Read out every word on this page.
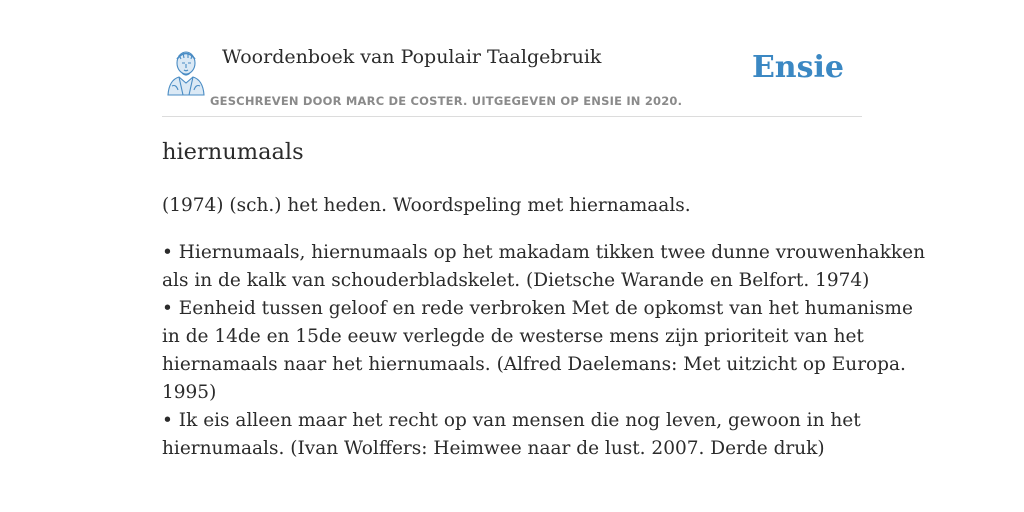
Woordenboek van Populair Taalgebruik
GESCHREVEN DOOR MARC DE COSTER. UITGEGEVEN OP ENSIE IN 2020.
Ensie
hiernumaals
(1974) (sch.) het heden. Woordspeling met hiernamaals.
• Hiernumaals, hiernumaals op het makadam tikken twee dunne vrouwenhakken
als in de kalk van schouderbladskelet. (Dietsche Warande en Belfort. 1974)
• Eenheid tussen geloof en rede verbroken Met de opkomst van het humanisme
in de 14de en 15de eeuw verlegde de westerse mens zijn prioriteit van het
hiernamaals naar het hiernumaals. (Alfred Daelemans: Met uitzicht op Europa.
1995)
• Ik eis alleen maar het recht op van mensen die nog leven, gewoon in het
hiernumaals. (Ivan Wolffers: Heimwee naar de lust. 2007. Derde druk)
